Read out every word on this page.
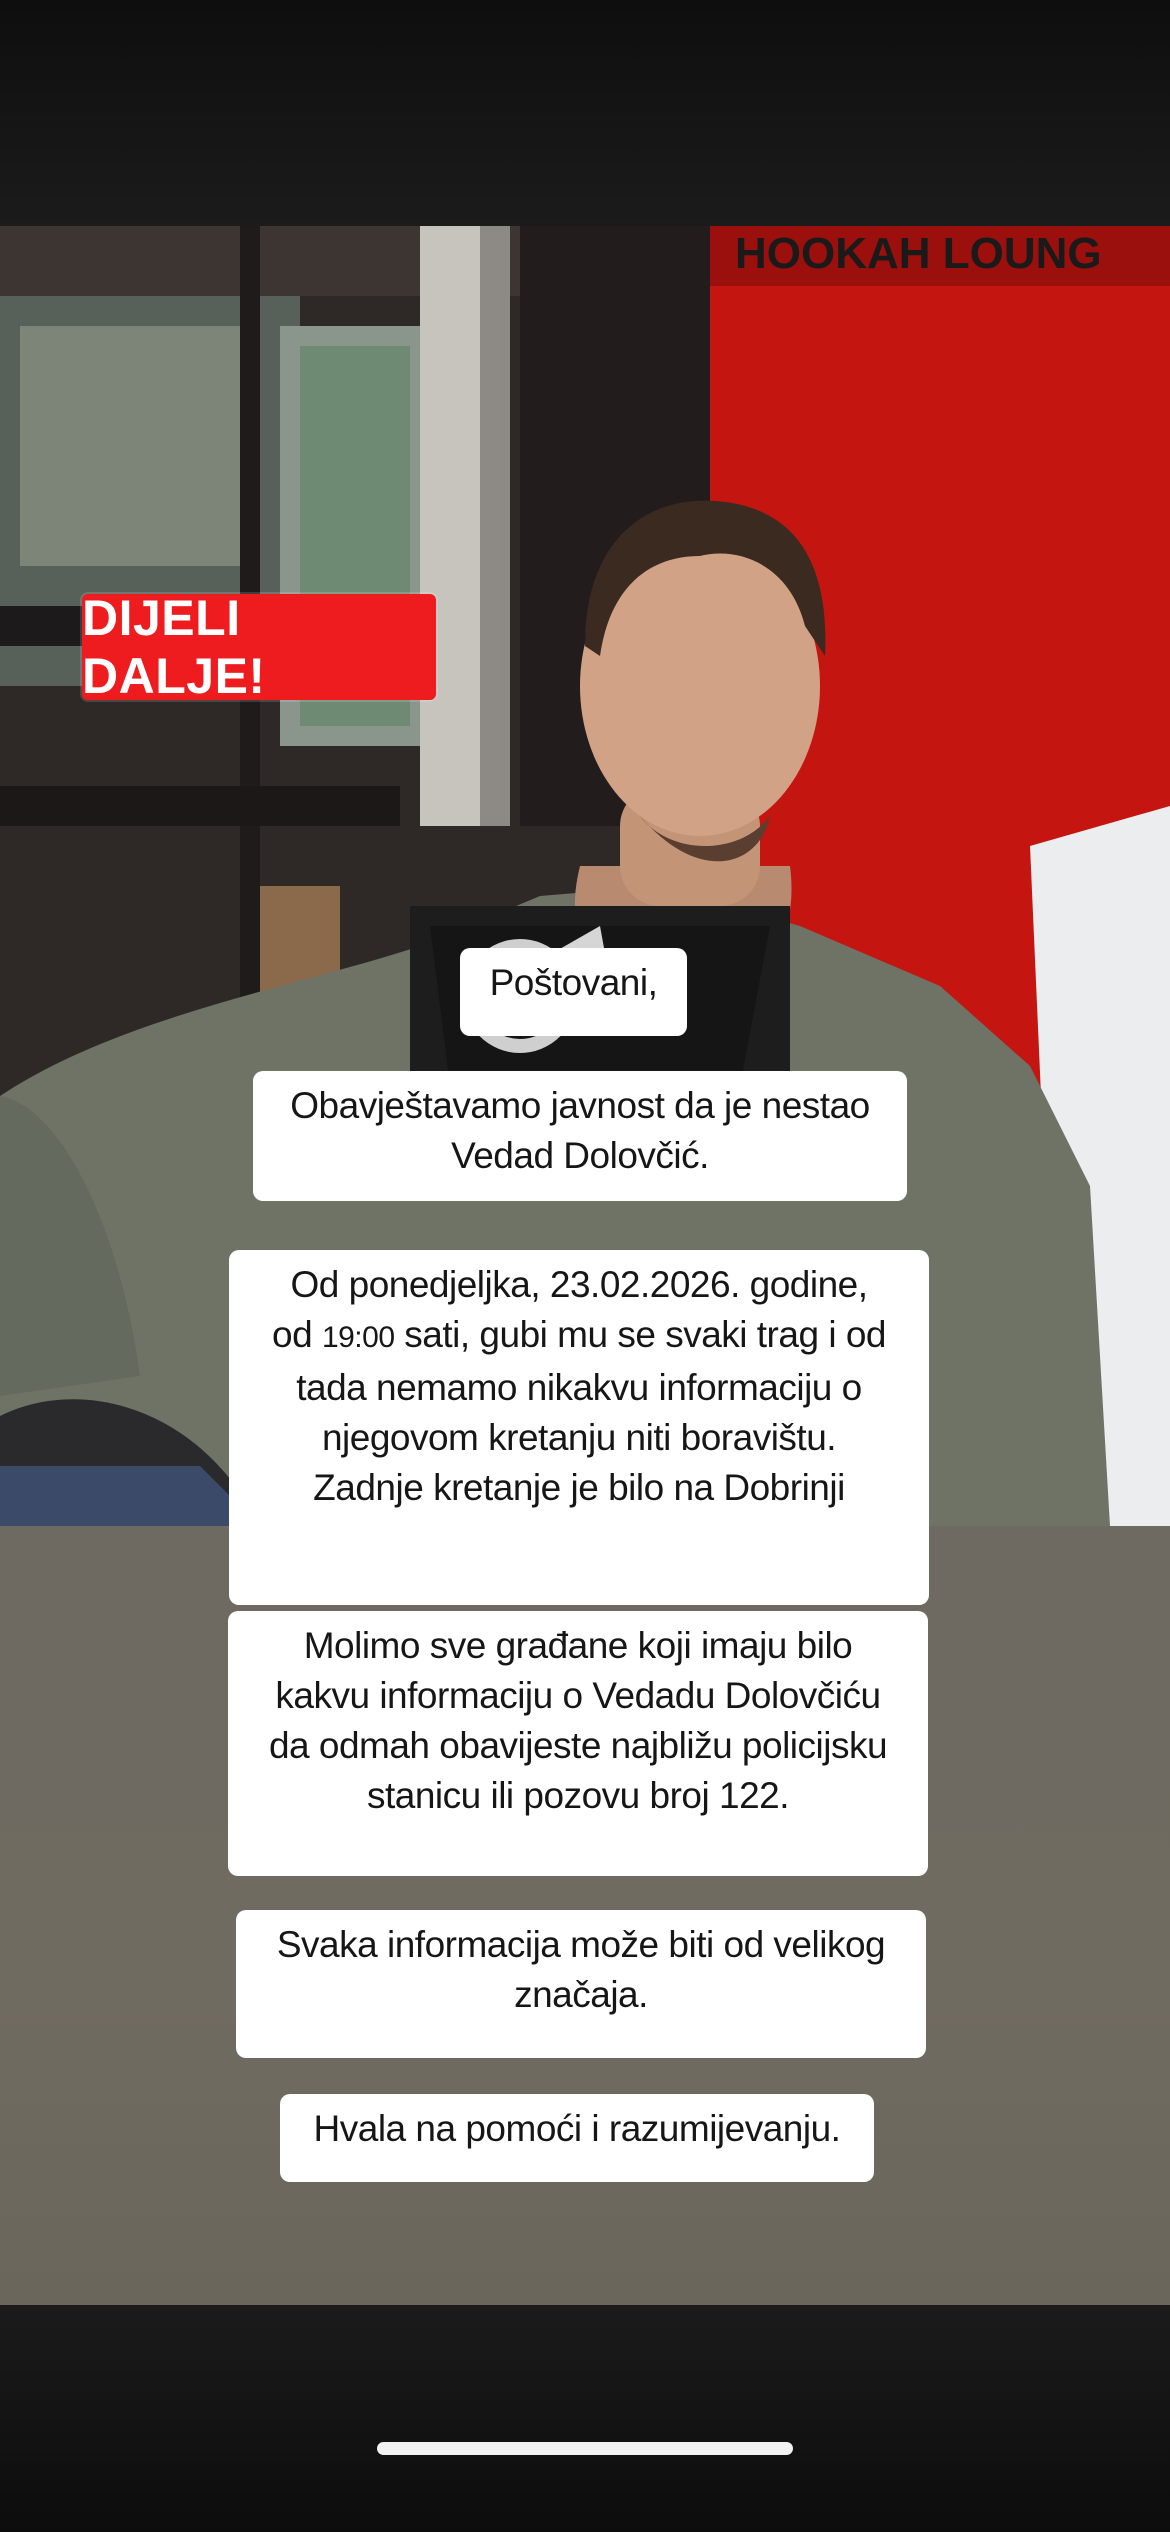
HOOKAH LOUNG
DIJELI DALJE!
Poštovani,
Obavještavamo javnost da je nestao
Vedad Dolovčić.
Od ponedjeljka, 23.02.2026. godine,
od 19:00 sati, gubi mu se svaki trag i od
tada nemamo nikakvu informaciju o
njegovom kretanju niti boravištu.
Zadnje kretanje je bilo na Dobrinji
Molimo sve građane koji imaju bilo
kakvu informaciju o Vedadu Dolovčiću
da odmah obavijeste najbližu policijsku
stanicu ili pozovu broj 122.
Svaka informacija može biti od velikog
značaja.
Hvala na pomoći i razumijevanju.
